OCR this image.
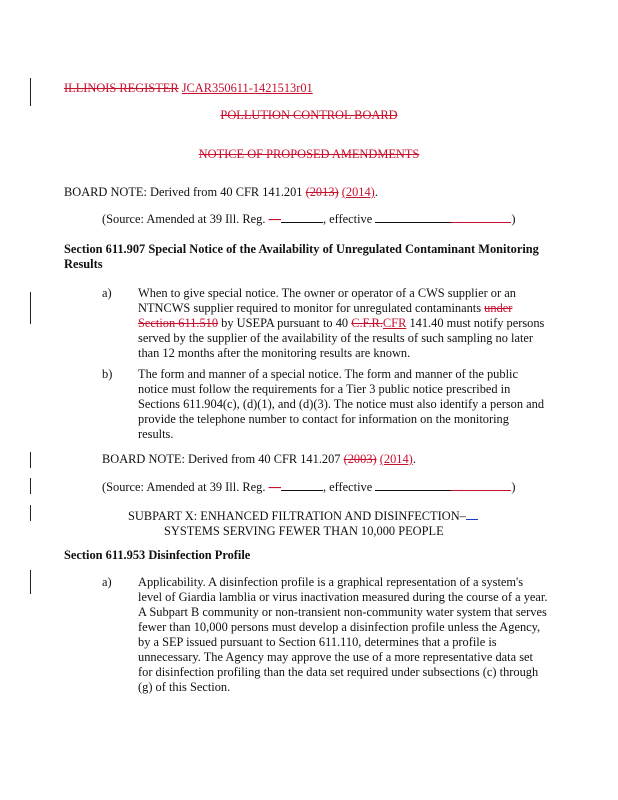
ILLINOIS REGISTER JCAR350611-1421513r01
POLLUTION CONTROL BOARD
NOTICE OF PROPOSED AMENDMENTS
BOARD NOTE: Derived from 40 CFR 141.201 (2013) (2014).
(Source: Amended at 39 Ill. Reg. —	, effective	)
Section 611.907 Special Notice of the Availability of Unregulated Contaminant Monitoring
Results
a) When to give special notice. The owner or operator of a CWS supplier or an
NTNCWS supplier required to monitor for unregulated contaminants under
Section 611.510 by USEPA pursuant to 40 C.F.R.CFR 141.40 must notify persons
served by the supplier of the availability of the results of such sampling no later
than 12 months after the monitoring results are known.
b) The form and manner of a special notice. The form and manner of the public
notice must follow the requirements for a Tier 3 public notice prescribed in
Sections 611.904(c), (d)(1), and (d)(3). The notice must also identify a person and
provide the telephone number to contact for information on the monitoring
results.
BOARD NOTE: Derived from 40 CFR 141.207 (2003) (2014).
(Source: Amended at 39 Ill. Reg. —	, effective	)
SUBPART X: ENHANCED FILTRATION AND DISINFECTION–
SYSTEMS SERVING FEWER THAN 10,000 PEOPLE
Section 611.953 Disinfection Profile
a) Applicability. A disinfection profile is a graphical representation of a system's
level of Giardia lamblia or virus inactivation measured during the course of a year.
A Subpart B community or non-transient non-community water system that serves
fewer than 10,000 persons must develop a disinfection profile unless the Agency,
by a SEP issued pursuant to Section 611.110, determines that a profile is
unnecessary. The Agency may approve the use of a more representative data set
for disinfection profiling than the data set required under subsections (c) through
(g) of this Section.
